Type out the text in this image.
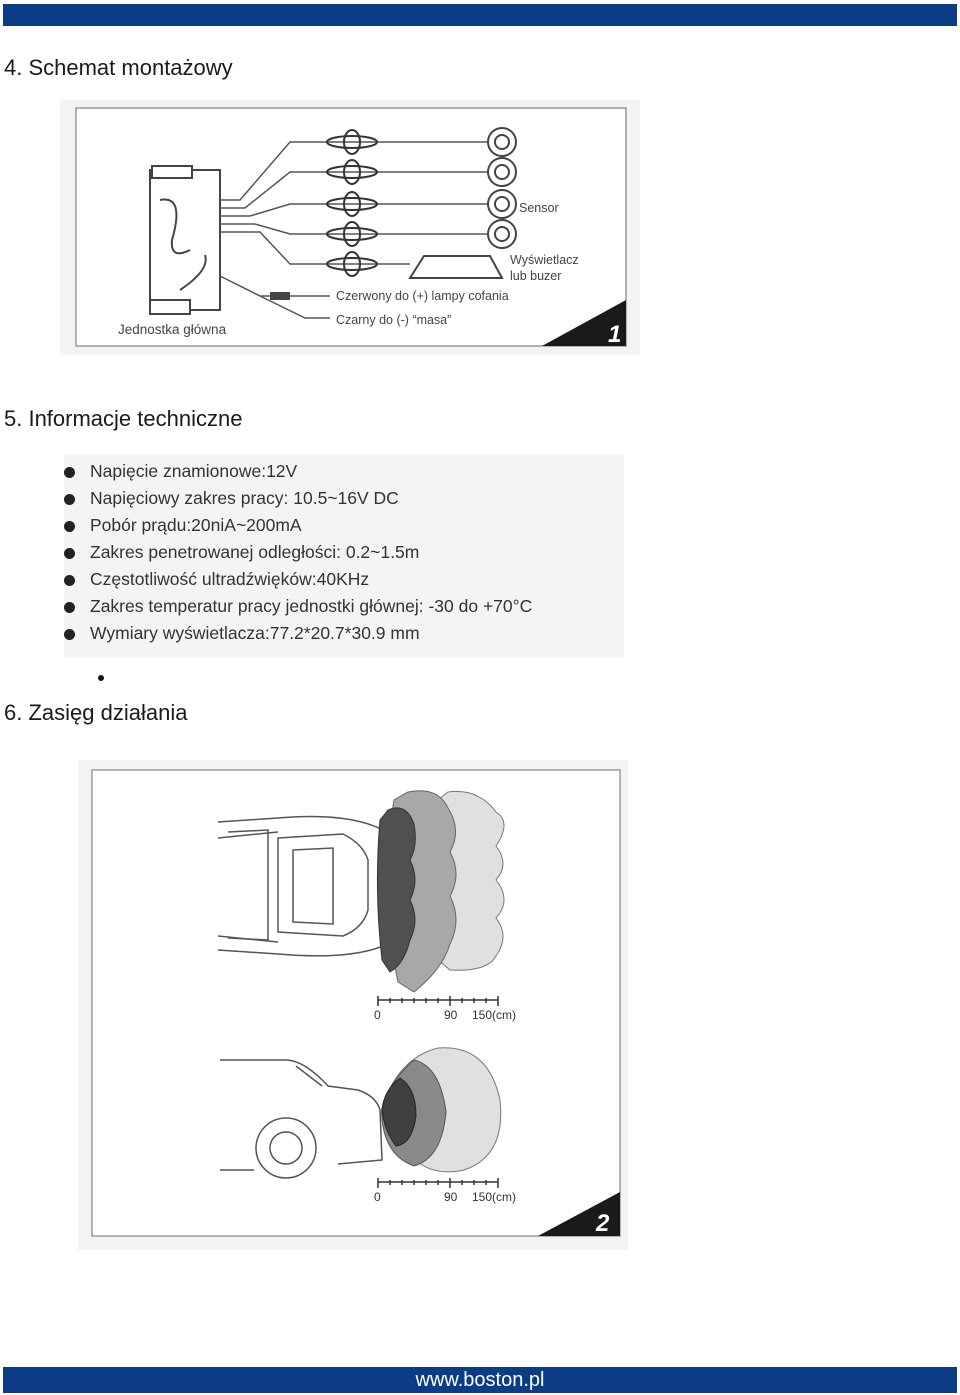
4. Schemat montażowy
1
Sensor
Wyświetlacz
lub buzer
Czerwony do (+) lampy cofania
Czarny do (-) “masa”
Jednostka główna
5. Informacje techniczne
Napięcie znamionowe:12V
Napięciowy zakres pracy: 10.5~16V DC
Pobór prądu:20niA~200mA
Zakres penetrowanej odległości: 0.2~1.5m
Częstotliwość ultradźwięków:40KHz
Zakres temperatur pracy jednostki głównej: -30 do +70°C
Wymiary wyświetlacza:77.2*20.7*30.9 mm
6. Zasięg działania
0	90 150(cm)
0	90 150(cm)
2
www.boston.pl
